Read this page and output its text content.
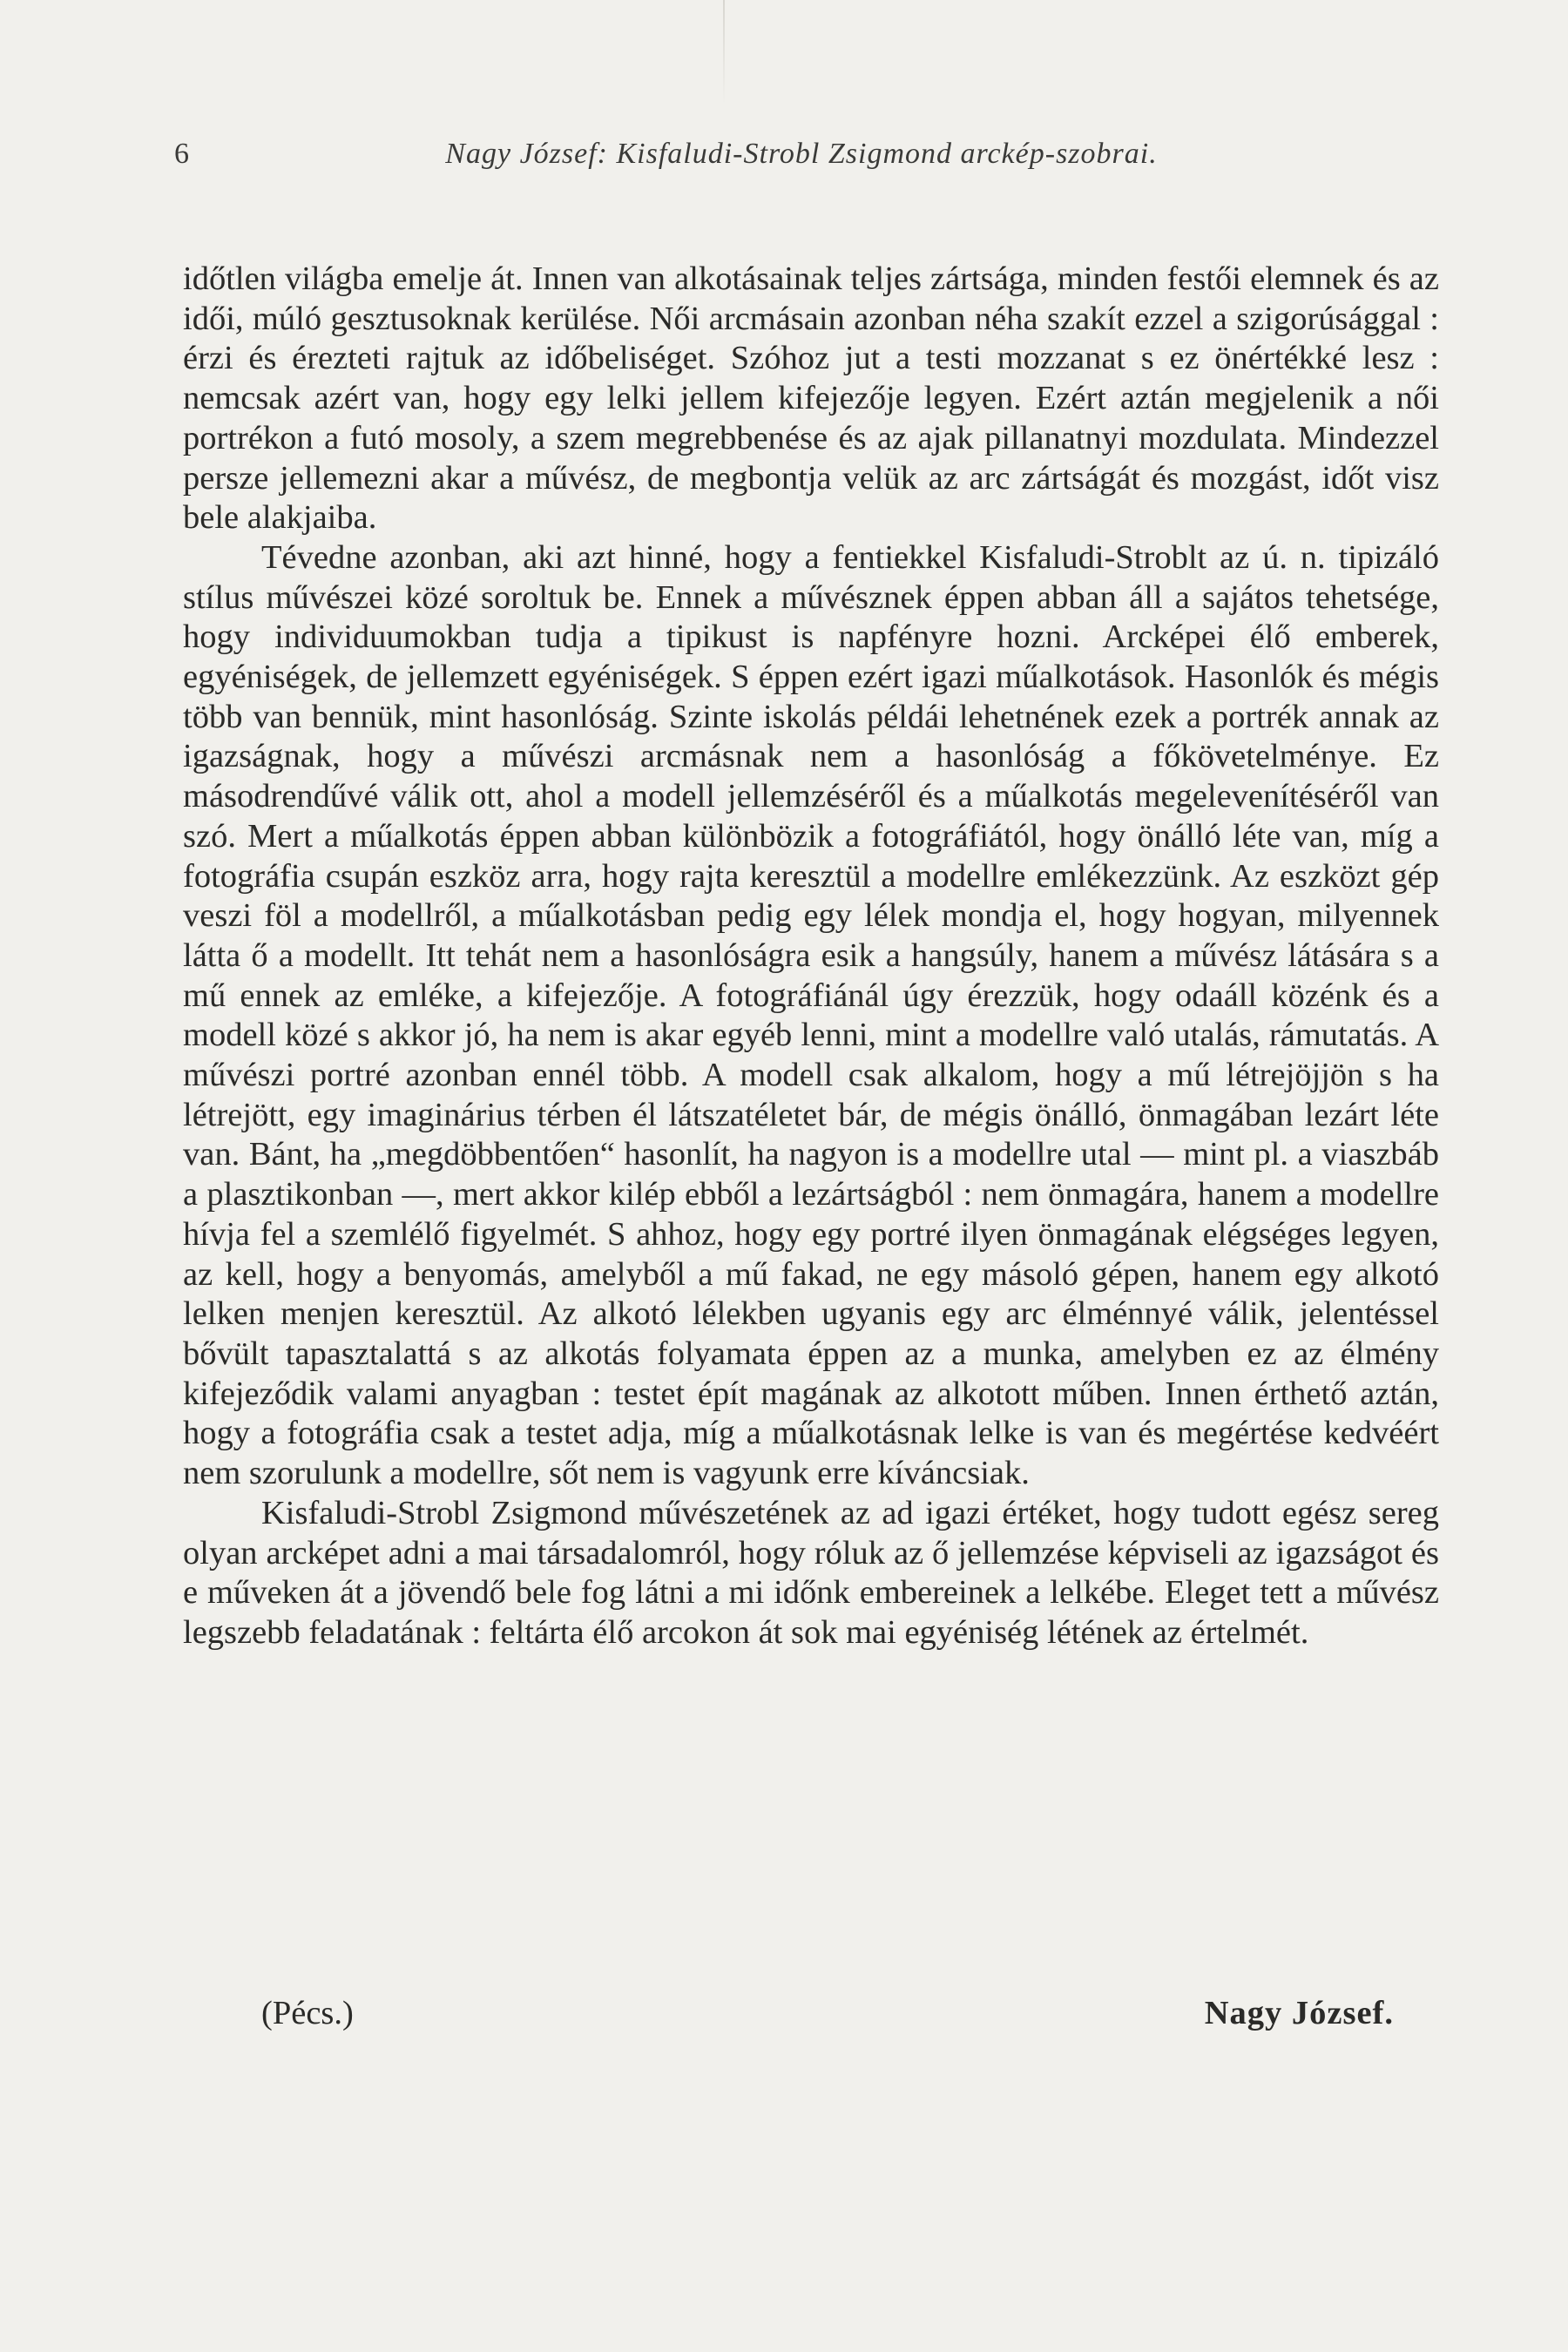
6	Nagy József: Kisfaludi-Strobl Zsigmond arckép-szobrai.

időtlen világba emelje át. Innen van alkotásainak teljes zártsága, minden festői elemnek és az idői, múló gesztusoknak kerülése. Női arcmásain azonban néha szakít ezzel a szigorúsággal : érzi és érezteti rajtuk az időbeliséget. Szóhoz jut a testi mozzanat s ez önértékké lesz : nemcsak azért van, hogy egy lelki jellem kifejezője legyen. Ezért aztán megjelenik a női portrékon a futó mosoly, a szem megrebbenése és az ajak pillanatnyi mozdulata. Mindezzel persze jellemezni akar a művész, de megbontja velük az arc zártságát és mozgást, időt visz bele alakjaiba.

Tévedne azonban, aki azt hinné, hogy a fentiekkel Kisfaludi-Stroblt az ú. n. tipizáló stílus művészei közé soroltuk be. Ennek a művésznek éppen abban áll a sajátos tehetsége, hogy individuumokban tudja a tipikust is napfényre hozni. Arcképei élő emberek, egyéniségek, de jellemzett egyéniségek. S éppen ezért igazi műalkotások. Hasonlók és mégis több van bennük, mint hasonlóság. Szinte iskolás példái lehetnének ezek a portrék annak az igazságnak, hogy a művészi arcmásnak nem a hasonlóság a főkövetelménye. Ez másodrendűvé válik ott, ahol a modell jellemzéséről és a műalkotás megelevenítéséről van szó. Mert a műalkotás éppen abban különbözik a fotográfiától, hogy önálló léte van, míg a fotográfia csupán eszköz arra, hogy rajta keresztül a modellre emlékezzünk. Az eszközt gép veszi föl a modellről, a műalkotásban pedig egy lélek mondja el, hogy hogyan, milyennek látta ő a modellt. Itt tehát nem a hasonlóságra esik a hangsúly, hanem a művész látására s a mű ennek az emléke, a kifejezője. A fotográfiánál úgy érezzük, hogy odaáll közénk és a modell közé s akkor jó, ha nem is akar egyéb lenni, mint a modellre való utalás, rámutatás. A művészi portré azonban ennél több. A modell csak alkalom, hogy a mű létrejöjjön s ha létrejött, egy imaginárius térben él látszatéletet bár, de mégis önálló, önmagában lezárt léte van. Bánt, ha „megdöbbentően“ hasonlít, ha nagyon is a modellre utal — mint pl. a viaszbáb a plasztikonban —, mert akkor kilép ebből a lezártságból : nem önmagára, hanem a modellre hívja fel a szemlélő figyelmét. S ahhoz, hogy egy portré ilyen önmagának elégséges legyen, az kell, hogy a benyomás, amelyből a mű fakad, ne egy másoló gépen, hanem egy alkotó lelken menjen keresztül. Az alkotó lélekben ugyanis egy arc élménnyé válik, jelentéssel bővült tapasztalattá s az alkotás folyamata éppen az a munka, amelyben ez az élmény kifejeződik valami anyagban : testet épít magának az alkotott műben. Innen érthető aztán, hogy a fotográfia csak a testet adja, míg a műalkotásnak lelke is van és megértése kedvéért nem szorulunk a modellre, sőt nem is vagyunk erre kíváncsiak.

Kisfaludi-Strobl Zsigmond művészetének az ad igazi értéket, hogy tudott egész sereg olyan arcképet adni a mai társadalomról, hogy róluk az ő jellemzése képviseli az igazságot és e műveken át a jövendő bele fog látni a mi időnk embereinek a lelkébe. Eleget tett a művész legszebb feladatának : feltárta élő arcokon át sok mai egyéniség létének az értelmét.

(Pécs.)	Nagy József.
